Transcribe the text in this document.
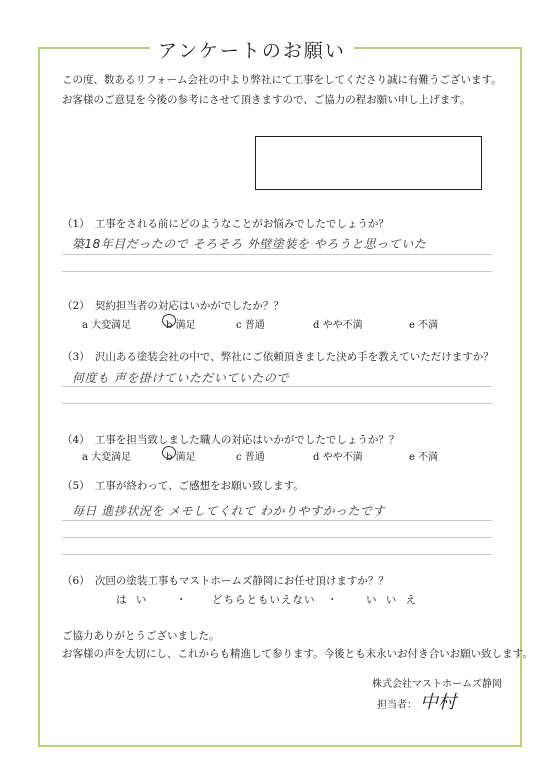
アンケートのお願い
この度、数あるリフォーム会社の中より弊社にて工事をしてくださり誠に有難うございます。
お客様のご意見を今後の参考にさせて頂きますので、ご協力の程お願い申し上げます。
（1）　工事をされる前にどのようなことがお悩みでしたでしょうか？
築18年目だったので そろそろ 外壁塗装を やろうと思っていた
（2）　契約担当者の対応はいかがでしたか？？
a 大変満足	b 満足	c 普通	d やや不満	e 不満
（3）　沢山ある塗装会社の中で、弊社にご依頼頂きました決め手を教えていただけますか？
何度も 声を掛けていただいていたので
（4）　工事を担当致しました職人の対応はいかがでしたでしょうか？？
a 大変満足	b 満足	c 普通	d やや不満	e 不満
（5）　工事が終わって、ご感想をお願い致します。
毎日 進捗状況を メモしてくれて わかりやすかったです
（6）　次回の塗装工事もマストホームズ静岡にお任せ頂けますか？？
は い	・ どちらともいえない ・ い い え
ご協力ありがとうございました。
お客様の声を大切にし、これからも精進して参ります。今後とも末永いお付き合いお願い致します。
株式会社マストホームズ静岡
担当者： 中村
